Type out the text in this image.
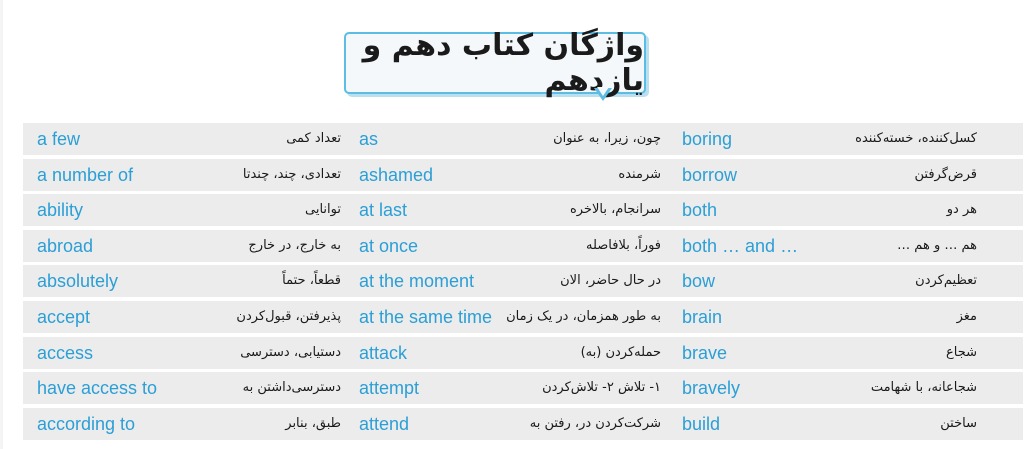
واژگان کتاب دهم و یازدهم
a few	تعداد کمی as	چون، زیرا، به عنوان boring	کسل‌کننده، خسته‌کننده
a number of	تعدادی، چند، چندتا ashamed	شرمنده borrow	قرض‌گرفتن
ability	توانایی at last	سرانجام، بالاخره both	هر دو
abroad	به خارج، در خارج at once	فوراً، بلافاصله both … and …	هم … و هم …
absolutely	قطعاً، حتماً at the moment	در حال حاضر، الان bow	تعظیم‌کردن
accept	پذیرفتن، قبول‌کردن at the same time به طور همزمان، در یک زمان brain	مغز
access	دستیابی، دسترسی attack	حمله‌کردن (به) brave	شجاع
have access to	دسترسی‌داشتن به attempt	۱- تلاش ۲- تلاش‌کردن bravely	شجاعانه، با شهامت
according to	طبق، بنابر attend	شرکت‌کردن در، رفتن به build	ساختن
